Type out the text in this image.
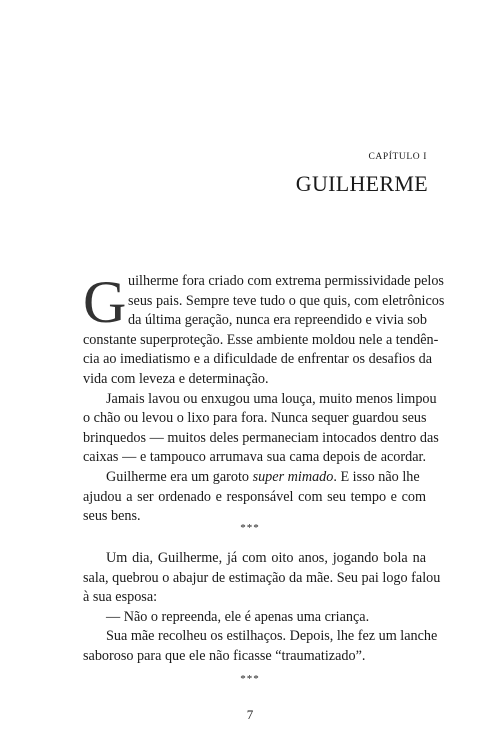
CAPÍTULO I
GUILHERME
G uilherme fora criado com extrema permissividade pelos
seus pais. Sempre teve tudo o que quis, com eletrônicos
da última geração, nunca era repreendido e vivia sob
constante superproteção. Esse ambiente moldou nele a tendên-
cia ao imediatismo e a dificuldade de enfrentar os desafios da
vida com leveza e determinação.
Jamais lavou ou enxugou uma louça, muito menos limpou
o chão ou levou o lixo para fora. Nunca sequer guardou seus
brinquedos — muitos deles permaneciam intocados dentro das
caixas — e tampouco arrumava sua cama depois de acordar.
Guilherme era um garoto super mimado. E isso não lhe
ajudou a ser ordenado e responsável com seu tempo e com
seus bens.
***
Um dia, Guilherme, já com oito anos, jogando bola na
sala, quebrou o abajur de estimação da mãe. Seu pai logo falou
à sua esposa:
— Não o repreenda, ele é apenas uma criança.
Sua mãe recolheu os estilhaços. Depois, lhe fez um lanche
saboroso para que ele não ficasse “traumatizado”.
***
7
